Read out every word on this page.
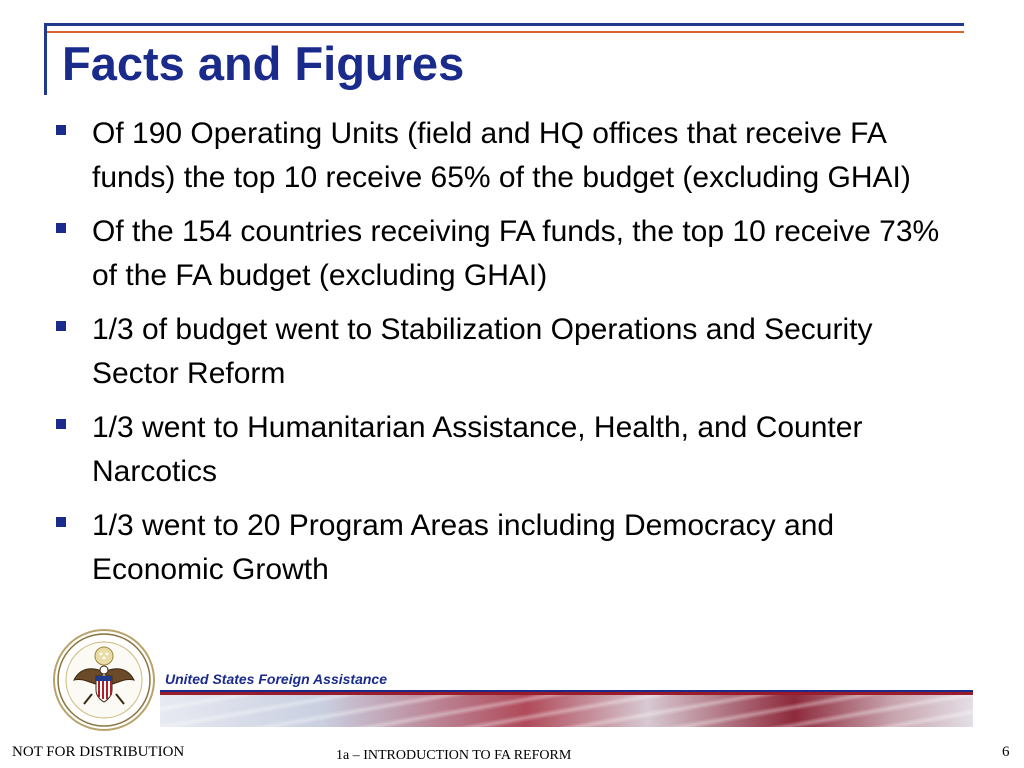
Facts and Figures
Of 190 Operating Units (field and HQ offices that receive FA funds) the top 10 receive 65% of the budget (excluding GHAI)
Of the 154 countries receiving FA funds, the top 10 receive 73% of the FA budget (excluding GHAI)
1/3 of budget went to Stabilization Operations and Security Sector Reform
1/3 went to Humanitarian Assistance, Health, and Counter Narcotics
1/3 went to 20 Program Areas including Democracy and Economic Growth
United States Foreign Assistance
NOT FOR DISTRIBUTION	1a – INTRODUCTION TO FA REFORM	6
